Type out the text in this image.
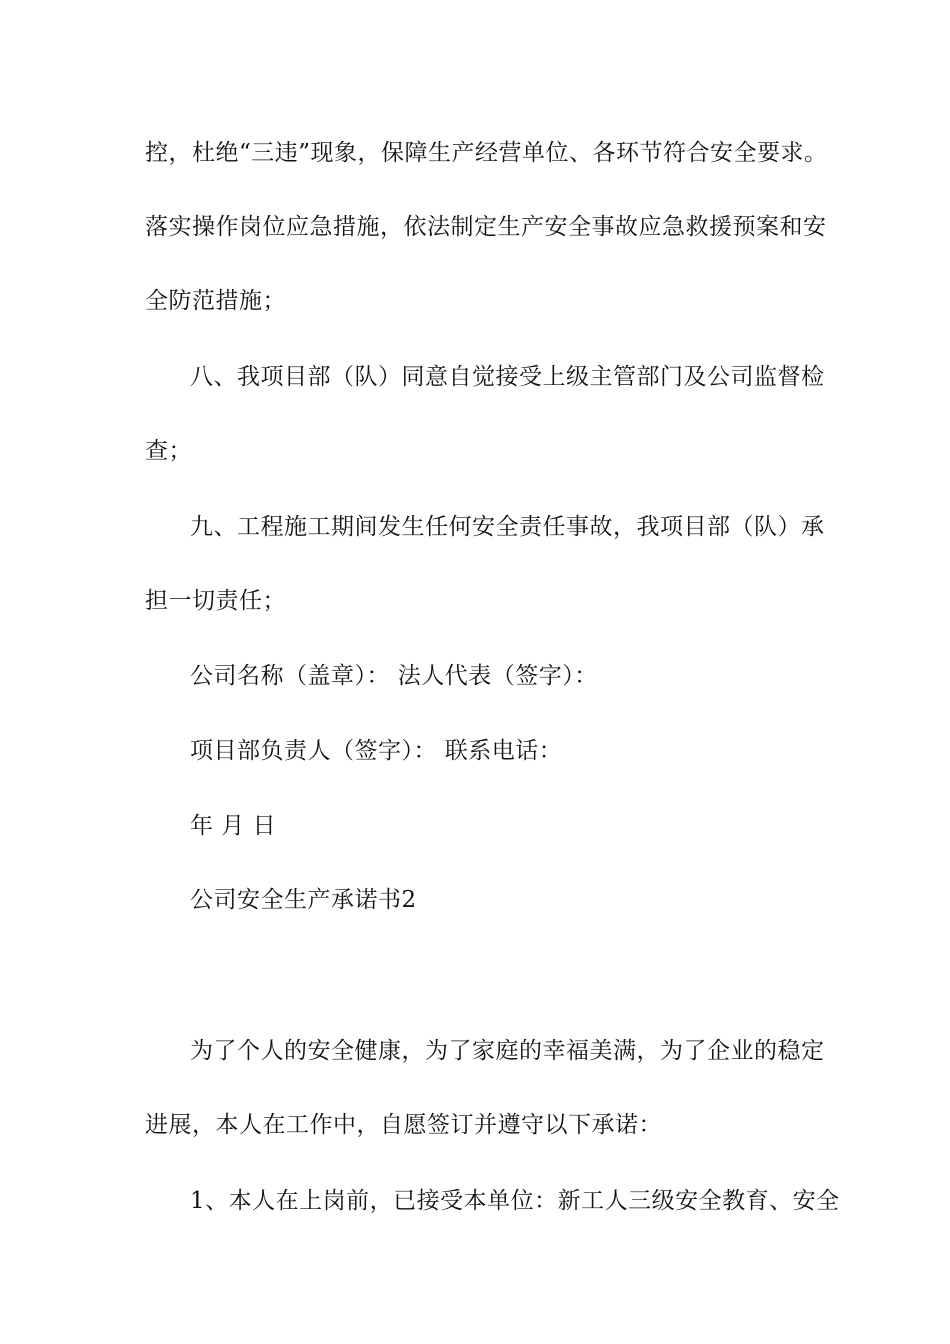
控，杜绝“三违”现象，保障生产经营单位、各环节符合安全要求。
落实操作岗位应急措施，依法制定生产安全事故应急救援预案和安
全防范措施；
八、我项目部（队）同意自觉接受上级主管部门及公司监督检
查；
九、工程施工期间发生任何安全责任事故，我项目部（队）承
担一切责任；
公司名称（盖章）： 法人代表（签字）：
项目部负责人（签字）： 联系电话：
年 月 日
公司安全生产承诺书2
为了个人的安全健康，为了家庭的幸福美满，为了企业的稳定
进展，本人在工作中，自愿签订并遵守以下承诺：
1、本人在上岗前，已接受本单位：新工人三级安全教育、安全
